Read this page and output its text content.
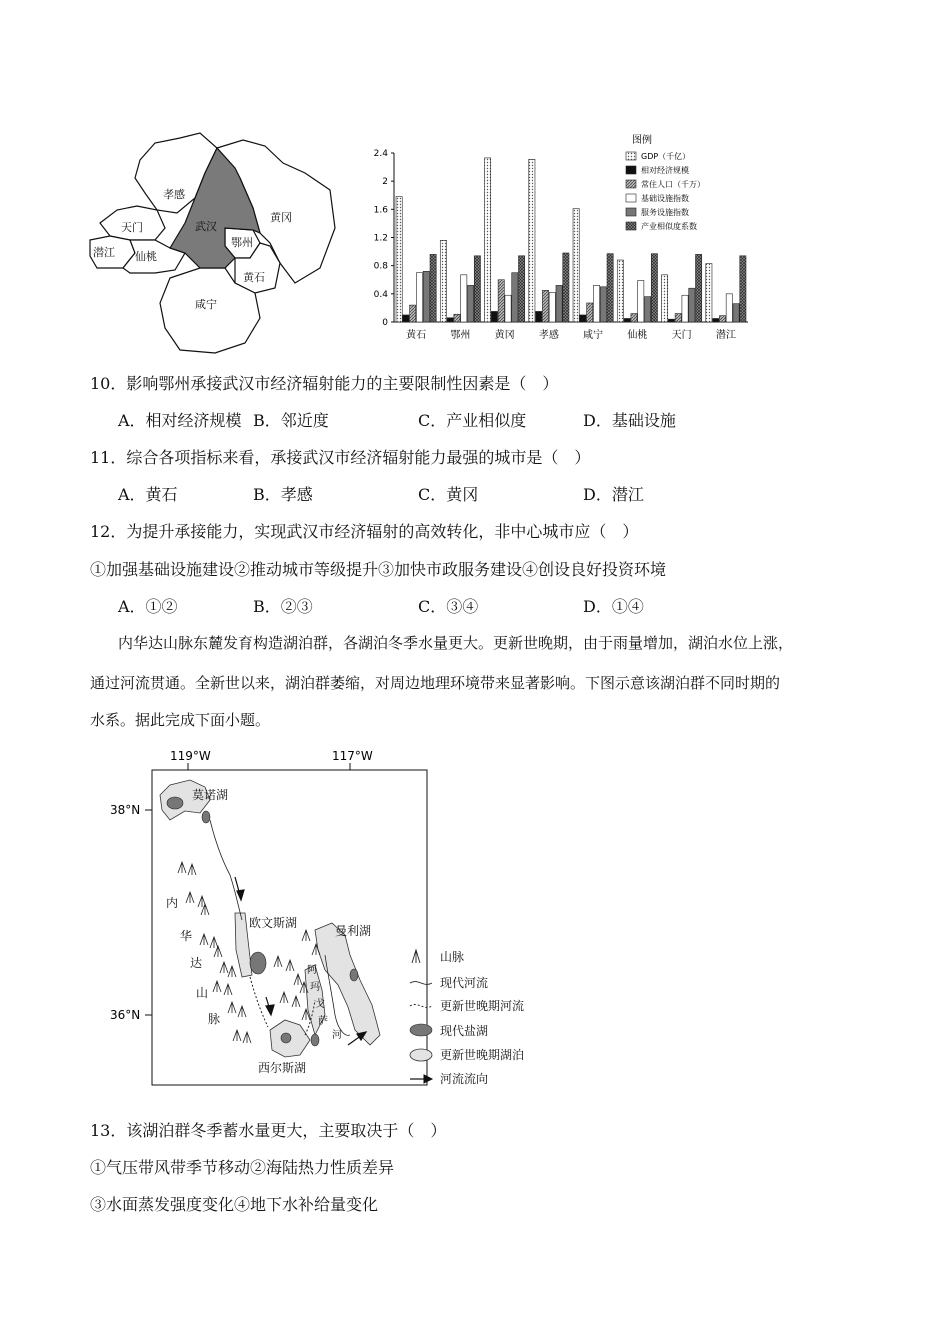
孝感
天门	武汉
黄冈
鄂州
潜江 仙桃
黄石
咸宁
0
0.4
0.8
1.2
1.6
2
2.4
黄石 鄂州 黄冈 孝感 咸宁 仙桃 天门 潜江
图例
GDP（千亿）
相对经济规模
常住人口（千万）
基础设施指数
服务设施指数
产业相似度系数
10．影响鄂州承接武汉市经济辐射能力的主要限制性因素是（　）
A．相对经济规模 B．邻近度	C．产业相似度	D．基础设施
11．综合各项指标来看，承接武汉市经济辐射能力最强的城市是（　）
A．黄石	B．孝感	C．黄冈	D．潜江
12．为提升承接能力，实现武汉市经济辐射的高效转化，非中心城市应（　）
①加强基础设施建设②推动城市等级提升③加快市政服务建设④创设良好投资环境
A．①②	B．②③	C．③④	D．①④
内华达山脉东麓发育构造湖泊群，各湖泊冬季水量更大。更新世晚期，由于雨量增加，湖泊水位上涨，
通过河流贯通。全新世以来，湖泊群萎缩，对周边地理环境带来显著影响。下图示意该湖泊群不同时期的
水系。据此完成下面小题。
119°W	117°W
38°N
36°N
莫诺湖
欧文斯湖
曼利湖
西尔斯湖
内
华
达
山
脉
阿
玛
戈
萨
河
山脉
现代河流
更新世晚期河流
现代盐湖
更新世晚期湖泊
河流流向
13．该湖泊群冬季蓄水量更大，主要取决于（　）
①气压带风带季节移动②海陆热力性质差异
③水面蒸发强度变化④地下水补给量变化
